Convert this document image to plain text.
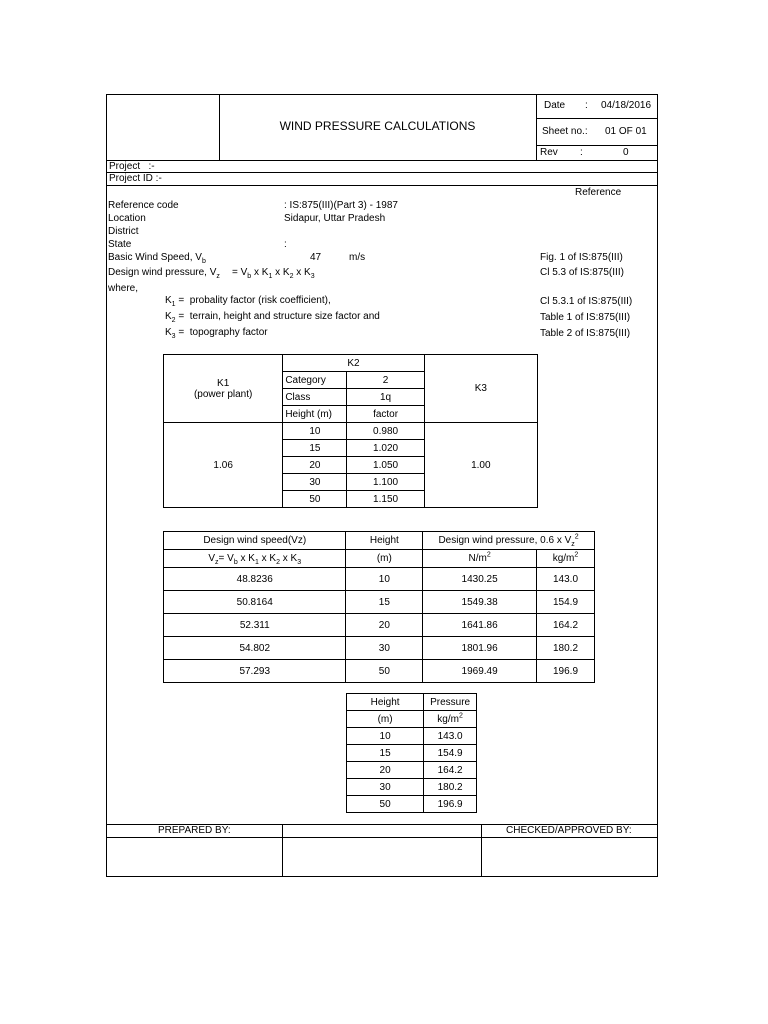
WIND PRESSURE CALCULATIONS
Date : 04/18/2016
Sheet no.: 01 OF 01
Rev :	0
Project   :-
Project ID :-
Reference
Reference code	: IS:875(III)(Part 3) - 1987
Location	Sidapur, Uttar Pradesh
District
State	:
Basic Wind Speed, $V_b$	47	m/s	Fig. 1 of IS:875(III)
Design wind pressure, $V_z = V_b$ x $K_1$ x $K_2$ x $K_3$	Cl 5.3 of IS:875(III)
where,
$K_1$ =  probality factor (risk coefficient),	Cl 5.3.1 of IS:875(III)
$K_2$ =  terrain, height and structure size factor and	Table 1 of IS:875(III)
$K_3$ =  topography factor	Table 2 of IS:875(III)
K1
(power plant)	K2		K3
	Category	2	
	Class	1q	
	Height (m)	factor	
1.06	10	0.980	1.00
	15	1.020	
	20	1.050	
	30	1.100	
	50	1.150	
Design wind speed(Vz)	Height	Design wind pressure, 0.6 x $V_z^2$
$V_z= V_b$ x $K_1$ x $K_2$ x $K_3$	(m)	$N/m^2$	$kg/m^2$
48.8236	10	1430.25	143.0
50.8164	15	1549.38	154.9
52.311	20	1641.86	164.2
54.802	30	1801.96	180.2
57.293	50	1969.49	196.9
Height	Pressure
(m)	$kg/m^2$
10	143.0
15	154.9
20	164.2
30	180.2
50	196.9
PREPARED BY:	CHECKED/APPROVED BY:
